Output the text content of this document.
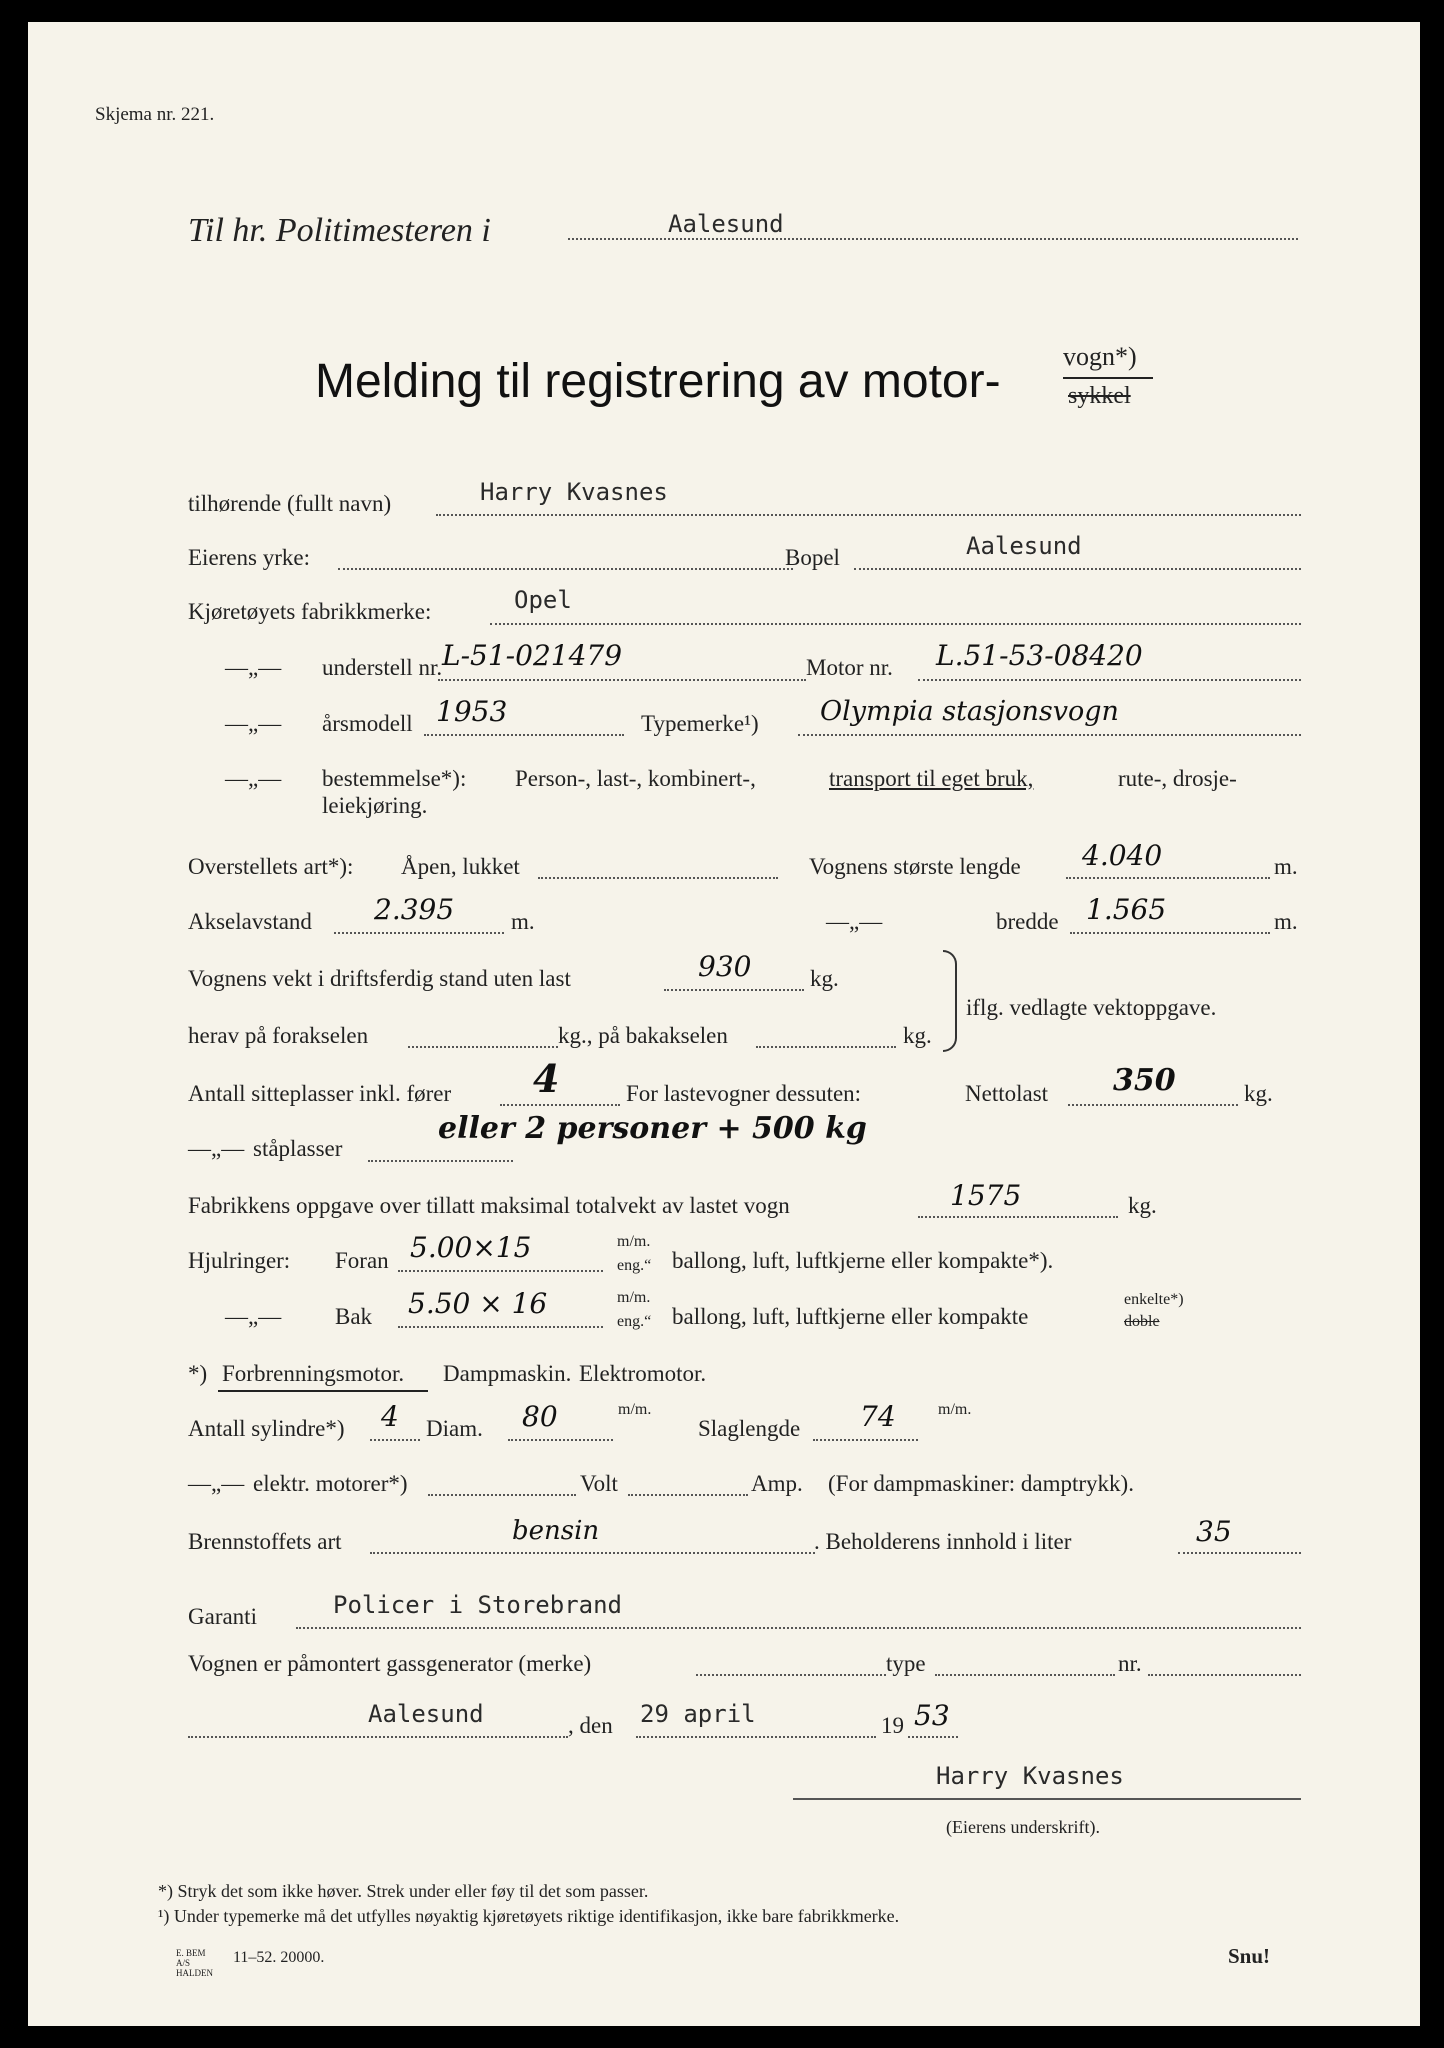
Skjema nr. 221.
Til hr. Politimesteren i	Aalesund
Melding til registrering av motor- vogn*)
sykkel
tilhørende (fullt navn)	Harry Kvasnes
Eierens yrke:	Bopel	Aalesund
Kjøretøyets fabrikkmerke:	Opel
—„— understell nr. L-51-021479	Motor nr. L.51-53-08420
—„— årsmodell 1953	Typemerke¹) Olympia stasjonsvogn
—„— bestemmelse*): Person-, last-, kombinert-,	transport til eget bruk,	rute-, drosje-
leiekjøring.
Overstellets art*): Åpen, lukket	Vognens største lengde 4.040	m.
Akselavstand 2.395 m.	—„—	bredde 1.565	m.
Vognens vekt i driftsferdig stand uten last	930	kg.
herav på forakselen	kg., på bakakselen	kg.
iflg. vedlagte vektoppgave.
Antall sitteplasser inkl. fører 4	For lastevogner dessuten:	Nettolast 350	kg.
—„— ståplasser
eller 2 personer + 500 kg
Fabrikkens oppgave over tillatt maksimal totalvekt av lastet vogn	1575	kg.
Hjulringer: Foran 5.00×15	m/m.
eng.“ ballong, luft, luftkjerne eller kompakte*).
—„— Bak 5.50 × 16	m/m.
eng.“ ballong, luft, luftkjerne eller kompakte
enkelte*)
doble
*) Forbrenningsmotor. Dampmaskin. Elektromotor.
Antall sylindre*) 4 Diam. 80	m/m.
Slaglengde 74	m/m.
—„— elektr. motorer*)	Volt	Amp. (For dampmaskiner: damptrykk).
Brennstoffets art	bensin	. Beholderens innhold i liter	35
Garanti	Policer i Storebrand
Vognen er påmontert gassgenerator (merke)	type	nr.
Aalesund	, den 29 april	19 53
Harry Kvasnes
(Eierens underskrift).
*) Stryk det som ikke høver. Strek under eller føy til det som passer.
¹) Under typemerke må det utfylles nøyaktig kjøretøyets riktige identifikasjon, ikke bare fabrikkmerke.
E. BEM A/S HALDEN
11–52. 20000.	Snu!
